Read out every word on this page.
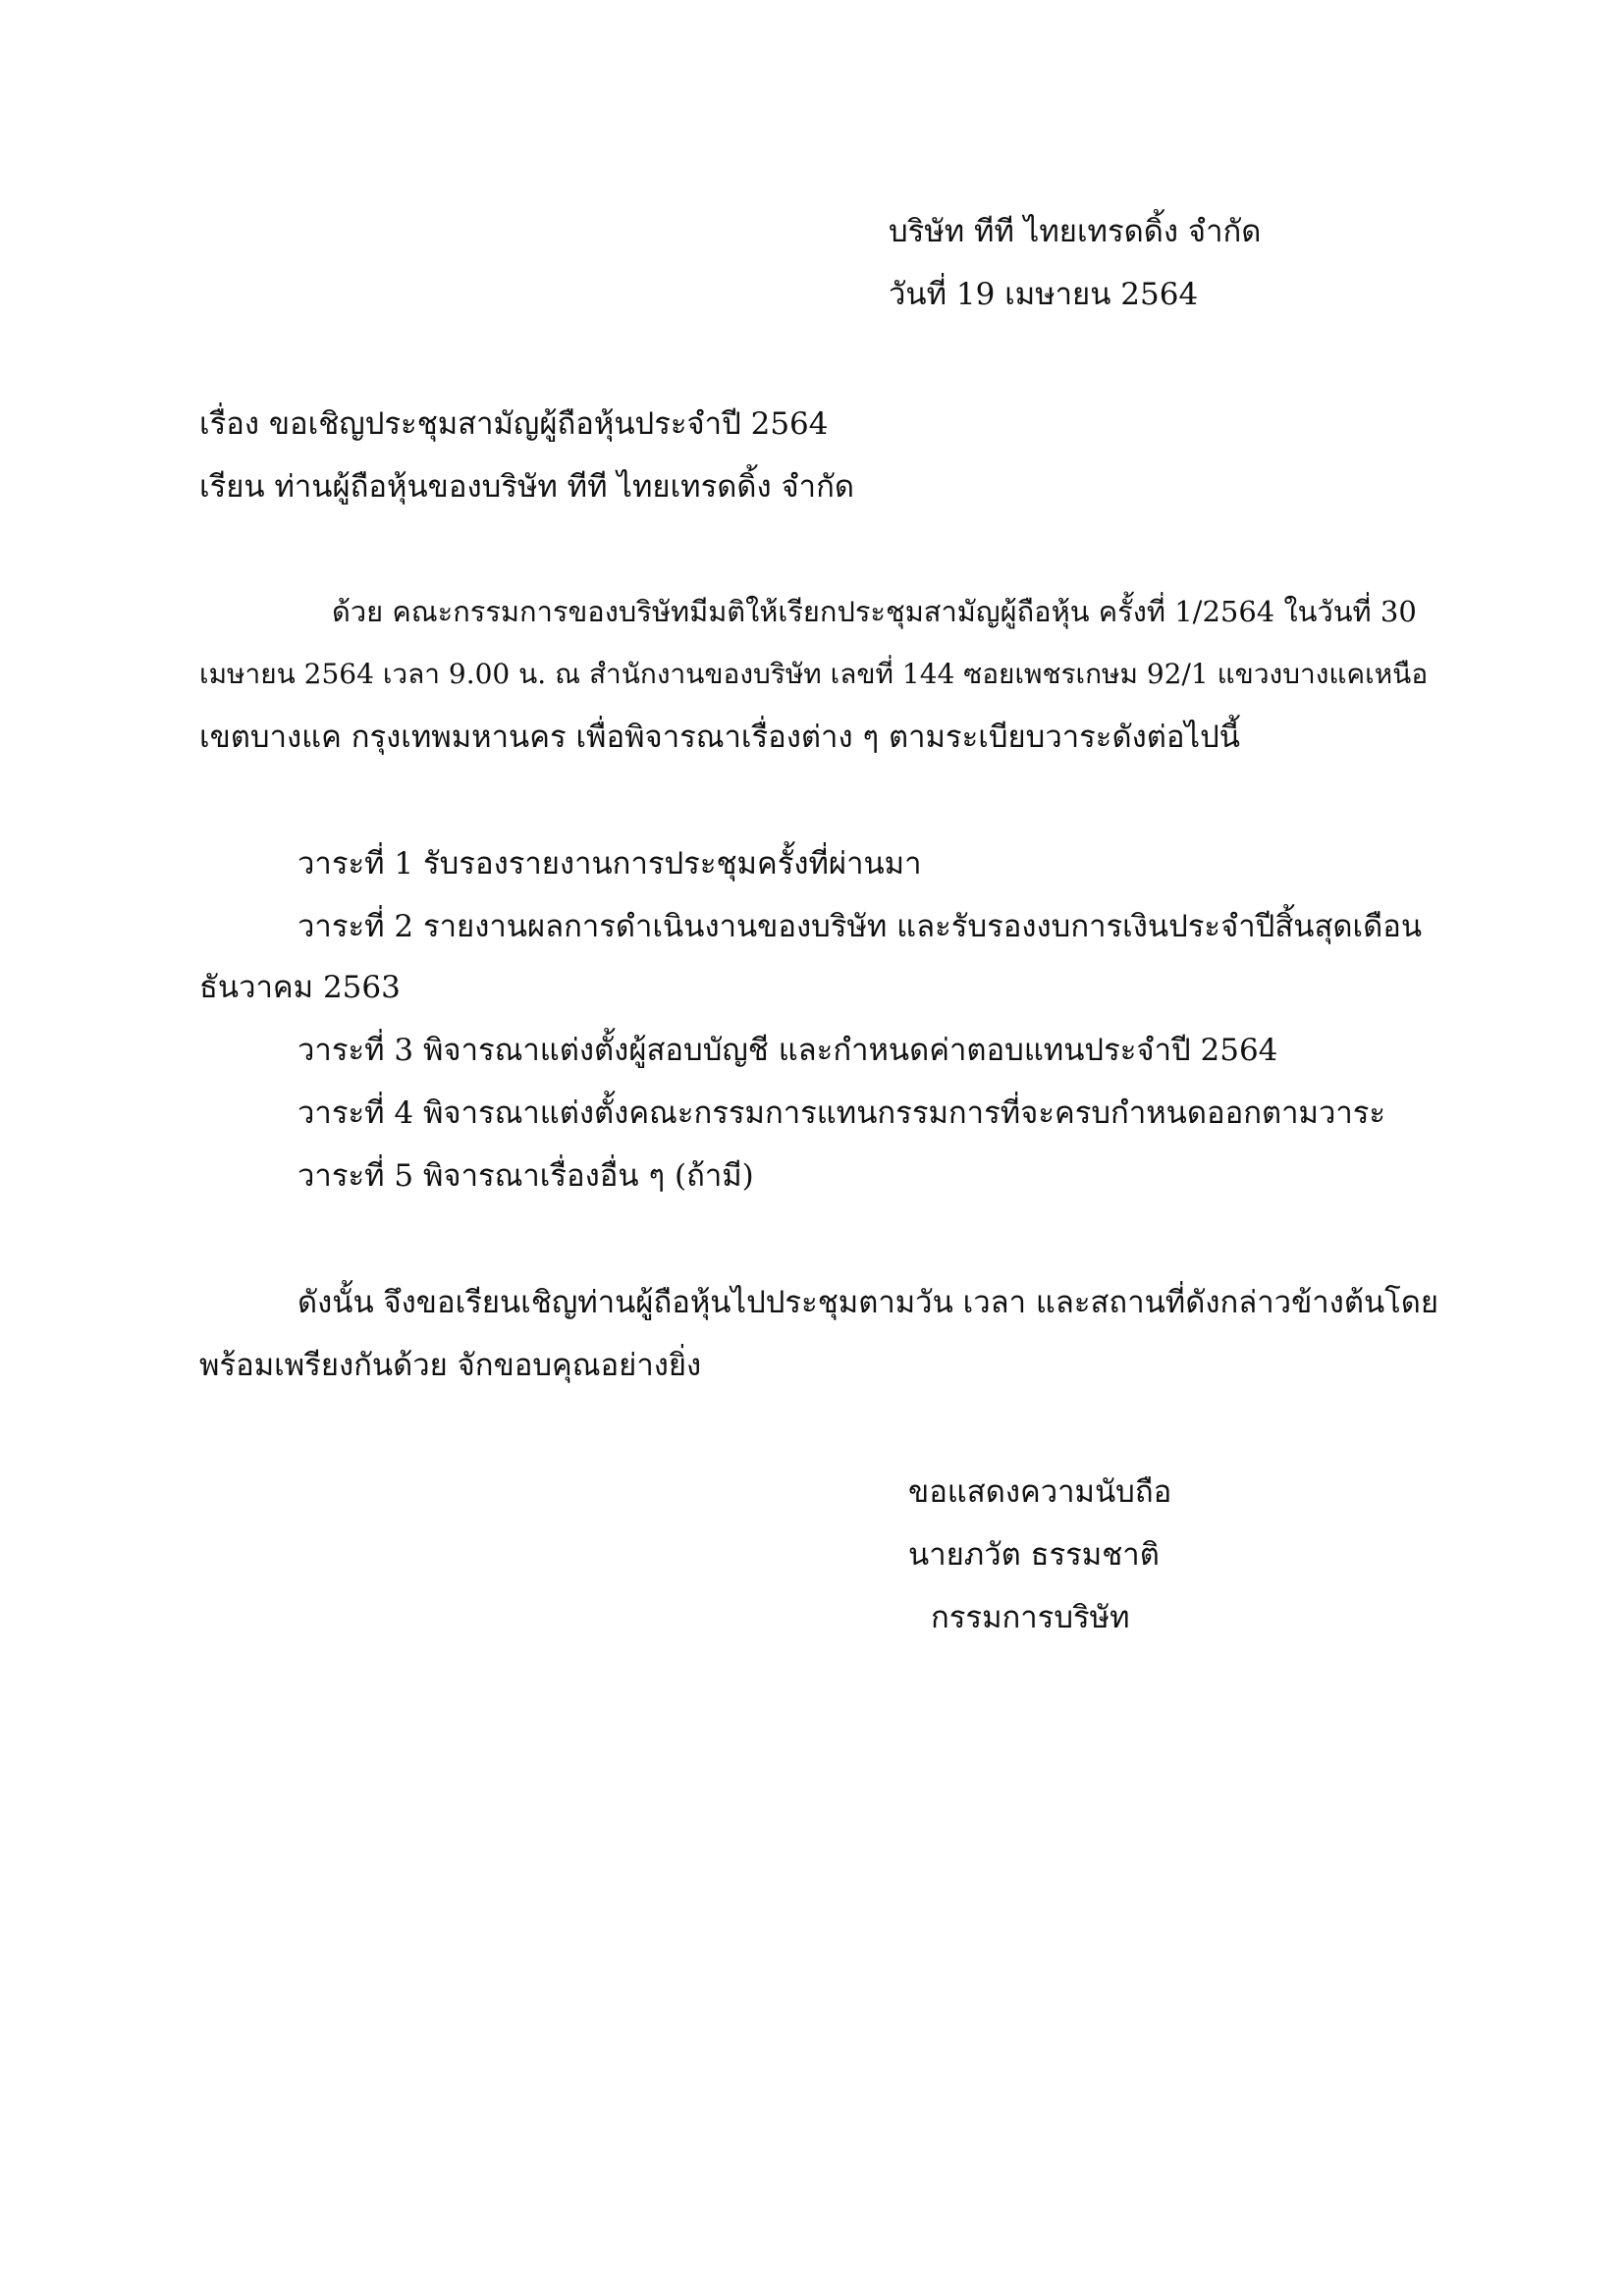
บริษัท ทีที ไทยเทรดดิ้ง จำกัด
วันที่ 19 เมษายน 2564
เรื่อง ขอเชิญประชุมสามัญผู้ถือหุ้นประจำปี 2564
เรียน ท่านผู้ถือหุ้นของบริษัท ทีที ไทยเทรดดิ้ง จำกัด
ด้วย คณะกรรมการของบริษัทมีมติให้เรียกประชุมสามัญผู้ถือหุ้น ครั้งที่ 1/2564 ในวันที่ 30
เมษายน 2564 เวลา 9.00 น. ณ สำนักงานของบริษัท เลขที่ 144 ซอยเพชรเกษม 92/1 แขวงบางแคเหนือ
เขตบางแค กรุงเทพมหานคร เพื่อพิจารณาเรื่องต่าง ๆ ตามระเบียบวาระดังต่อไปนี้
วาระที่ 1 รับรองรายงานการประชุมครั้งที่ผ่านมา
วาระที่ 2 รายงานผลการดำเนินงานของบริษัท และรับรองงบการเงินประจำปีสิ้นสุดเดือน
ธันวาคม 2563
วาระที่ 3 พิจารณาแต่งตั้งผู้สอบบัญชี และกำหนดค่าตอบแทนประจำปี 2564
วาระที่ 4 พิจารณาแต่งตั้งคณะกรรมการแทนกรรมการที่จะครบกำหนดออกตามวาระ
วาระที่ 5 พิจารณาเรื่องอื่น ๆ (ถ้ามี)
ดังนั้น จึงขอเรียนเชิญท่านผู้ถือหุ้นไปประชุมตามวัน เวลา และสถานที่ดังกล่าวข้างต้นโดย
พร้อมเพรียงกันด้วย จักขอบคุณอย่างยิ่ง
ขอแสดงความนับถือ
นายภวัต ธรรมชาติ
กรรมการบริษัท
